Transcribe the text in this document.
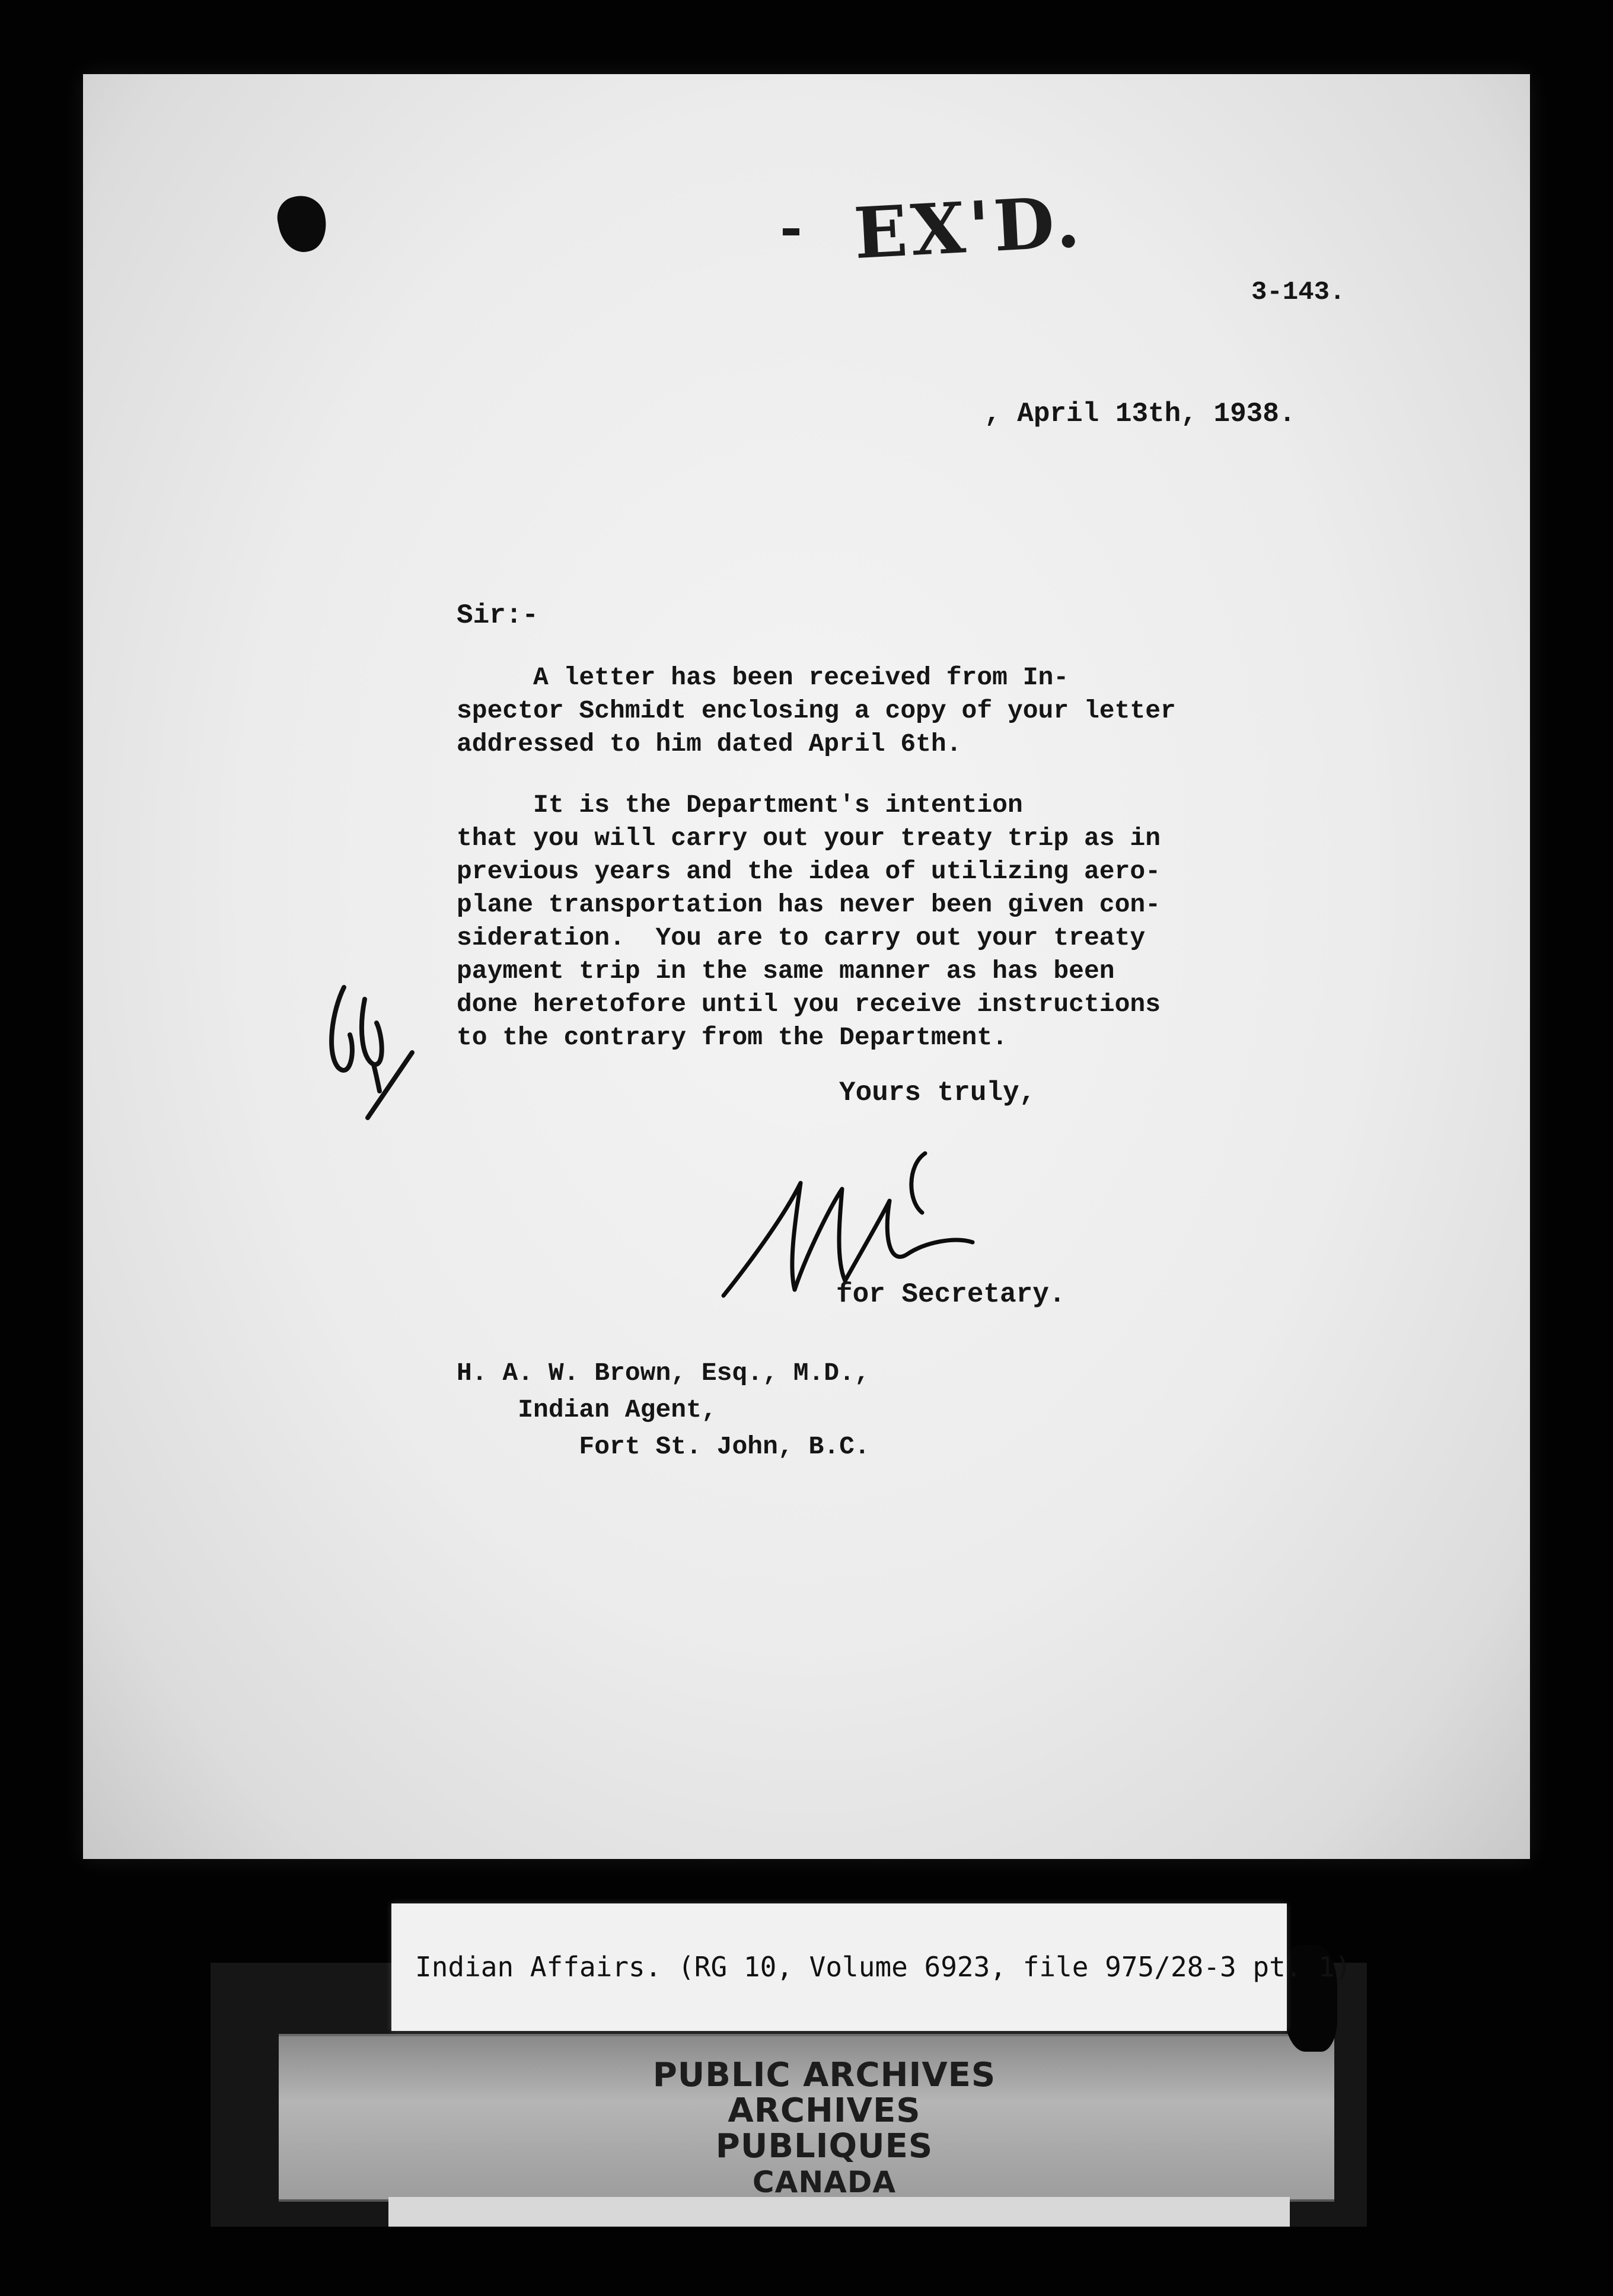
EX'D.
3-143.
, April 13th, 1938.
Sir:-
A letter has been received from In-
spector Schmidt enclosing a copy of your letter
addressed to him dated April 6th.
It is the Department's intention
that you will carry out your treaty trip as in
previous years and the idea of utilizing aero-
plane transportation has never been given con-
sideration.  You are to carry out your treaty
payment trip in the same manner as has been
done heretofore until you receive instructions
to the contrary from the Department.
Yours truly,
for Secretary.
H. A. W. Brown, Esq., M.D.,
Indian Agent,
Fort St. John, B.C.
Indian Affairs. (RG 10, Volume 6923, file 975/28-3 pt. 1)
PUBLIC ARCHIVES
ARCHIVES PUBLIQUES
CANADA
